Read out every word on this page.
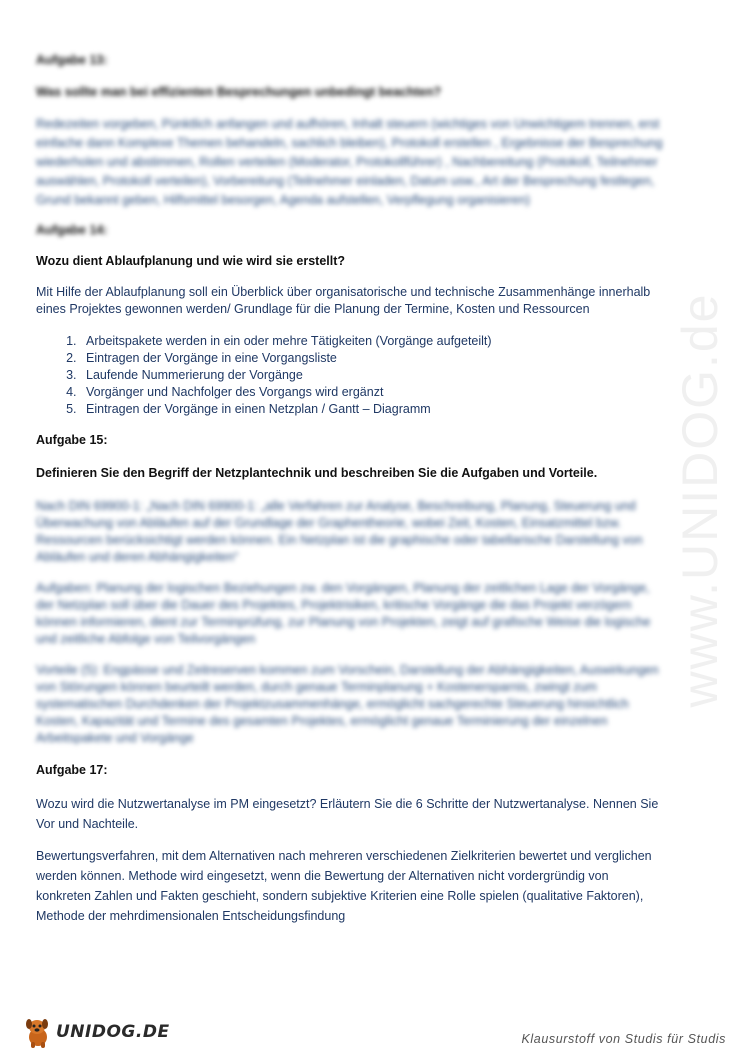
www.UNIDOG.de
Aufgabe 13:
Was sollte man bei effizienten Besprechungen unbedingt beachten?
Redezeiten vorgeben, Pünktlich anfangen und aufhören, Inhalt steuern (wichtiges von Unwichtigem trennen, erst einfache dann Komplexe Themen behandeln, sachlich bleiben), Protokoll erstellen , Ergebnisse der Besprechung wiederholen und abstimmen, Rollen verteilen (Moderator, Protokollführer) , Nachbereitung (Protokoll, Teilnehmer auswählen, Protokoll verteilen), Vorbereitung (Teilnehmer einladen, Datum usw., Art der Besprechung festlegen, Grund bekannt geben, Hilfsmittel besorgen, Agenda aufstellen, Verpflegung organisieren)
Aufgabe 14:
Wozu dient Ablaufplanung und wie wird sie erstellt?
Mit Hilfe der Ablaufplanung soll ein Überblick über organisatorische und technische Zusammenhänge innerhalb eines Projektes gewonnen werden/ Grundlage für die Planung der Termine, Kosten und Ressourcen
1. Arbeitspakete werden in ein oder mehre Tätigkeiten (Vorgänge aufgeteilt)
2. Eintragen der Vorgänge in eine Vorgangsliste
3. Laufende Nummerierung der Vorgänge
4. Vorgänger und Nachfolger des Vorgangs wird ergänzt
5. Eintragen der Vorgänge in einen Netzplan / Gantt – Diagramm
Aufgabe 15:
Definieren Sie den Begriff der Netzplantechnik und beschreiben Sie die Aufgaben und Vorteile.
Nach DIN 69900-1: „Nach DIN 69900-1: „alle Verfahren zur Analyse, Beschreibung, Planung, Steuerung und Überwachung von Abläufen auf der Grundlage der Graphentheorie, wobei Zeit, Kosten, Einsatzmittel bzw. Ressourcen berücksichtigt werden können. Ein Netzplan ist die graphische oder tabellarische Darstellung von Abläufen und deren Abhängigkeiten“
Aufgaben: Planung der logischen Beziehungen zw. den Vorgängen, Planung der zeitlichen Lage der Vorgänge, der Netzplan soll über die Dauer des Projektes, Projektrisiken, kritische Vorgänge die das Projekt verzögern können informieren, dient zur Terminprüfung, zur Planung von Projekten, zeigt auf grafische Weise die logische und zeitliche Abfolge von Teilvorgängen
Vorteile (5): Engpässe und Zeitreserven kommen zum Vorschein, Darstellung der Abhängigkeiten, Auswirkungen von Störungen können beurteilt werden, durch genaue Terminplanung + Kostenersparnis, zwingt zum systematischen Durchdenken der Projektzusammenhänge, ermöglicht sachgerechte Steuerung hinsichtlich Kosten, Kapazität und Termine des gesamten Projektes, ermöglicht genaue Terminierung der einzelnen Arbeitspakete und Vorgänge
Aufgabe 17:
Wozu wird die Nutzwertanalyse im PM eingesetzt? Erläutern Sie die 6 Schritte der Nutzwertanalyse. Nennen Sie Vor und Nachteile.
Bewertungsverfahren, mit dem Alternativen nach mehreren verschiedenen Zielkriterien bewertet und verglichen werden können. Methode wird eingesetzt, wenn die Bewertung der Alternativen nicht vordergründig von konkreten Zahlen und Fakten geschieht, sondern subjektive Kriterien eine Rolle spielen (qualitative Faktoren), Methode der mehrdimensionalen Entscheidungsfindung
UNIDOG.DE	Klausurstoff von Studis für Studis
